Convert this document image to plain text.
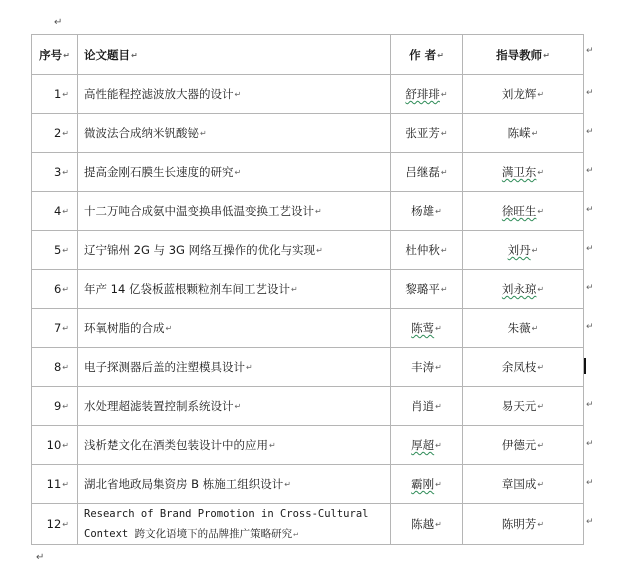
↵
序号↵	论文题目↵	作 者↵	指导教师↵
1↵	高性能程控滤波放大器的设计↵	舒琲琲↵	刘龙辉↵
2↵	微波法合成纳米钒酸铋↵	张亚芳↵	陈嵘↵
3↵	提高金刚石膜生长速度的研究↵	吕继磊↵	满卫东↵
4↵	十二万吨合成氨中温变换串低温变换工艺设计↵	杨雄↵	徐旺生↵
5↵	辽宁锦州 2G 与 3G 网络互操作的优化与实现↵	杜仲秋↵	刘丹↵
6↵	年产 14 亿袋板蓝根颗粒剂车间工艺设计↵	黎璐平↵	刘永琼↵
7↵	环氧树脂的合成↵	陈莺↵	朱薇↵
8↵	电子探测器后盖的注塑模具设计↵	丰涛↵	余凤枝↵
9↵	水处理超滤装置控制系统设计↵	肖逍↵	易天元↵
10↵	浅析楚文化在酒类包装设计中的应用↵	厚超↵	伊德元↵
11↵	湖北省地政局集资房 B 栋施工组织设计↵	霸刚↵	章国成↵
12↵	Research of Brand Promotion in Cross-Cultural
Context 跨文化语境下的品牌推广策略研究↵	陈越↵	陈明芳↵
↵
↵
↵
↵
↵
↵
↵
↵
↵
↵
↵
↵
↵
